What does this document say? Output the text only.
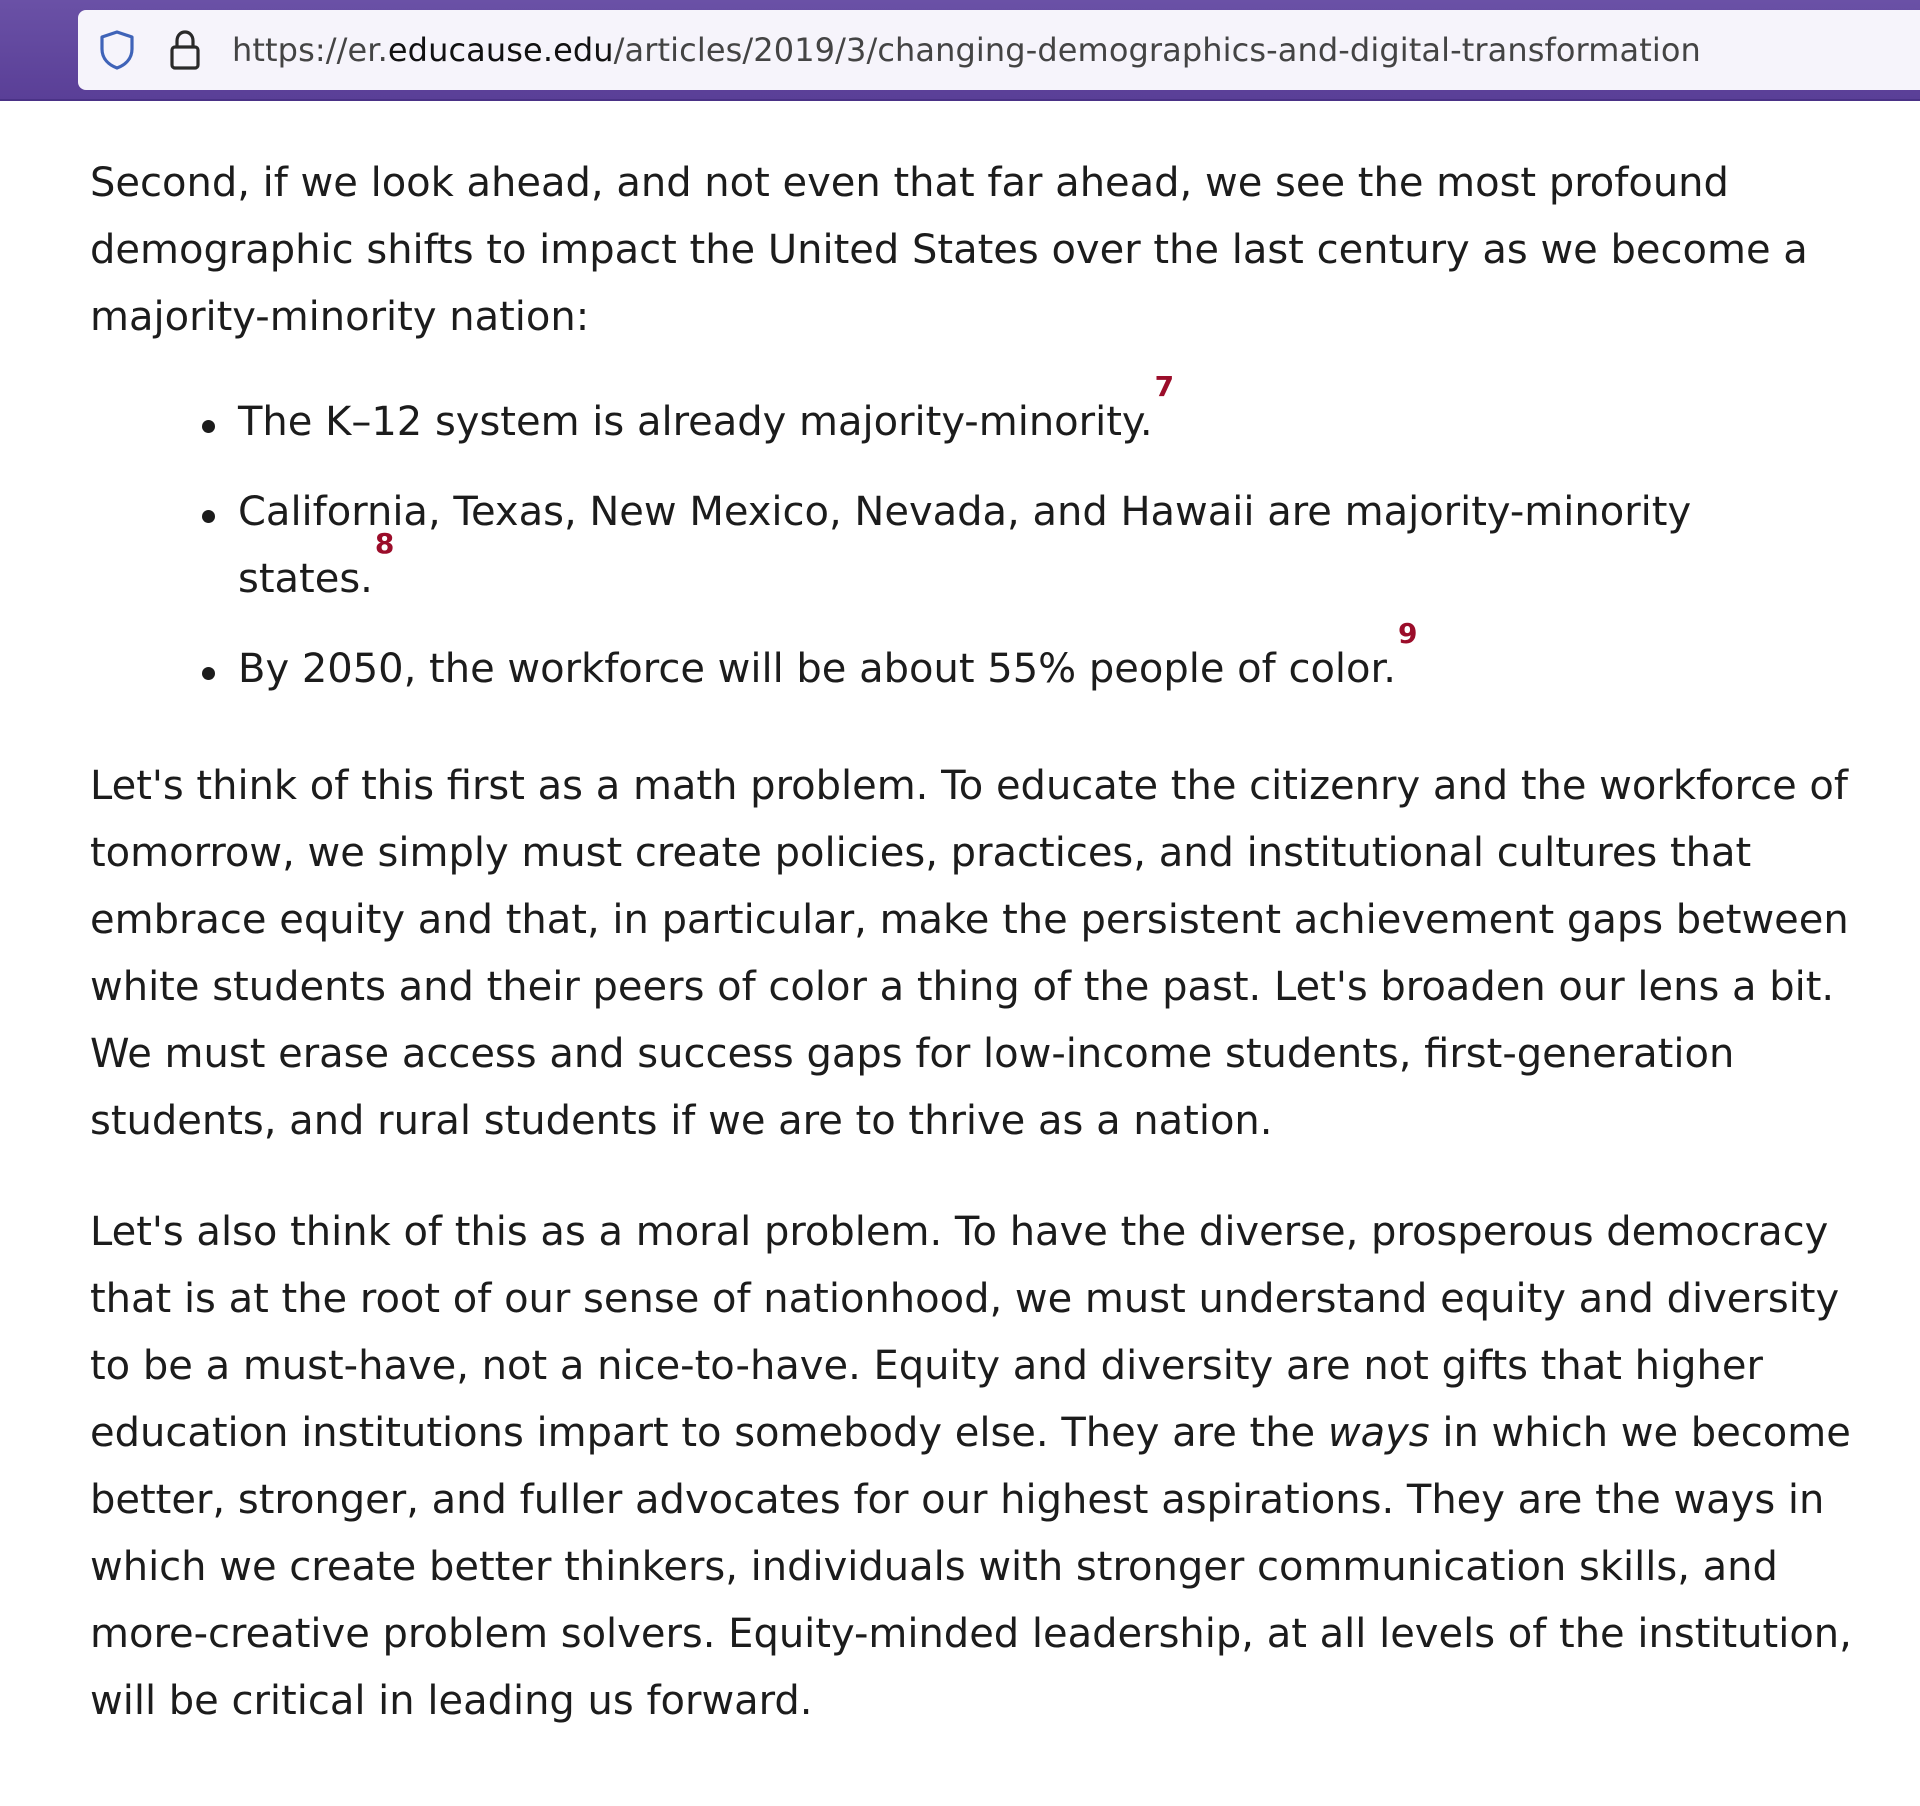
https://er.educause.edu/articles/2019/3/changing-demographics-and-digital-transformation

Second, if we look ahead, and not even that far ahead, we see the most profound demographic shifts to impact the United States over the last century as we become a majority-minority nation:

The K–12 system is already majority-minority.$^7$
California, Texas, New Mexico, Nevada, and Hawaii are majority-minority states.$^8$
By 2050, the workforce will be about 55% people of color.$^9$

Let's think of this first as a math problem. To educate the citizenry and the workforce of tomorrow, we simply must create policies, practices, and institutional cultures that embrace equity and that, in particular, make the persistent achievement gaps between white students and their peers of color a thing of the past. Let's broaden our lens a bit. We must erase access and success gaps for low-income students, first-generation students, and rural students if we are to thrive as a nation.

Let's also think of this as a moral problem. To have the diverse, prosperous democracy that is at the root of our sense of nationhood, we must understand equity and diversity to be a must-have, not a nice-to-have. Equity and diversity are not gifts that higher education institutions impart to somebody else. They are the ways in which we become better, stronger, and fuller advocates for our highest aspirations. They are the ways in which we create better thinkers, individuals with stronger communication skills, and more-creative problem solvers. Equity-minded leadership, at all levels of the institution, will be critical in leading us forward.
